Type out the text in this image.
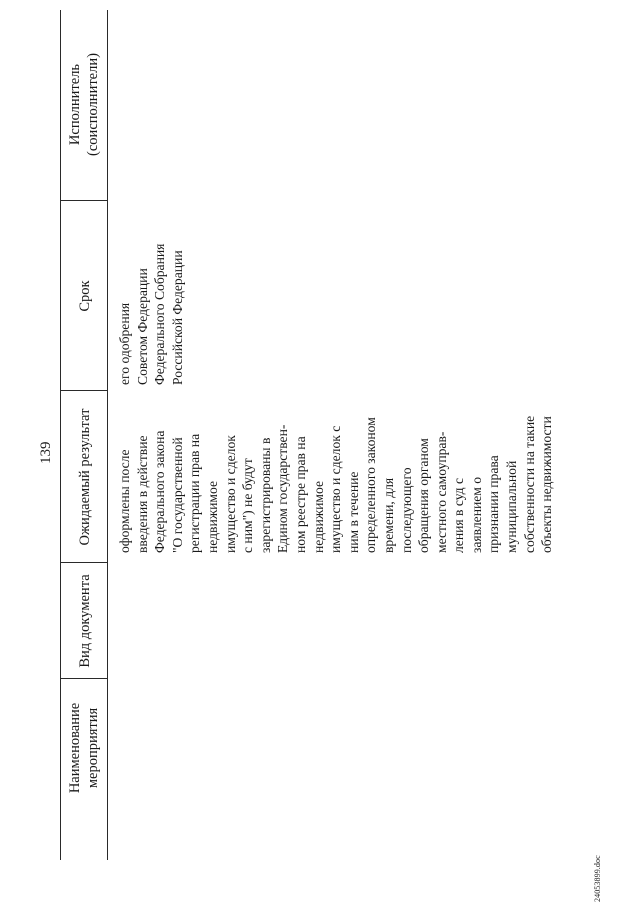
139
Наименование мероприятия
Вид документа
Ожидаемый результат
Срок
Исполнитель (соисполнители)
оформлены после введения в действие Федерального закона "О государственной регистрации прав на недвижимое имущество и сделок с ним") не будут зарегистрированы в Едином государствен- ном реестре прав на недвижимое имущество и сделок с ним в течение определенного законом времени, для последующего обращения органом местного самоуправ- ления в суд с заявлением о признании права муниципальной собственности на такие объекты недвижимости
его одобрения Советом Федерации Федерального Собрания Российской Федерации
24053899.doc
